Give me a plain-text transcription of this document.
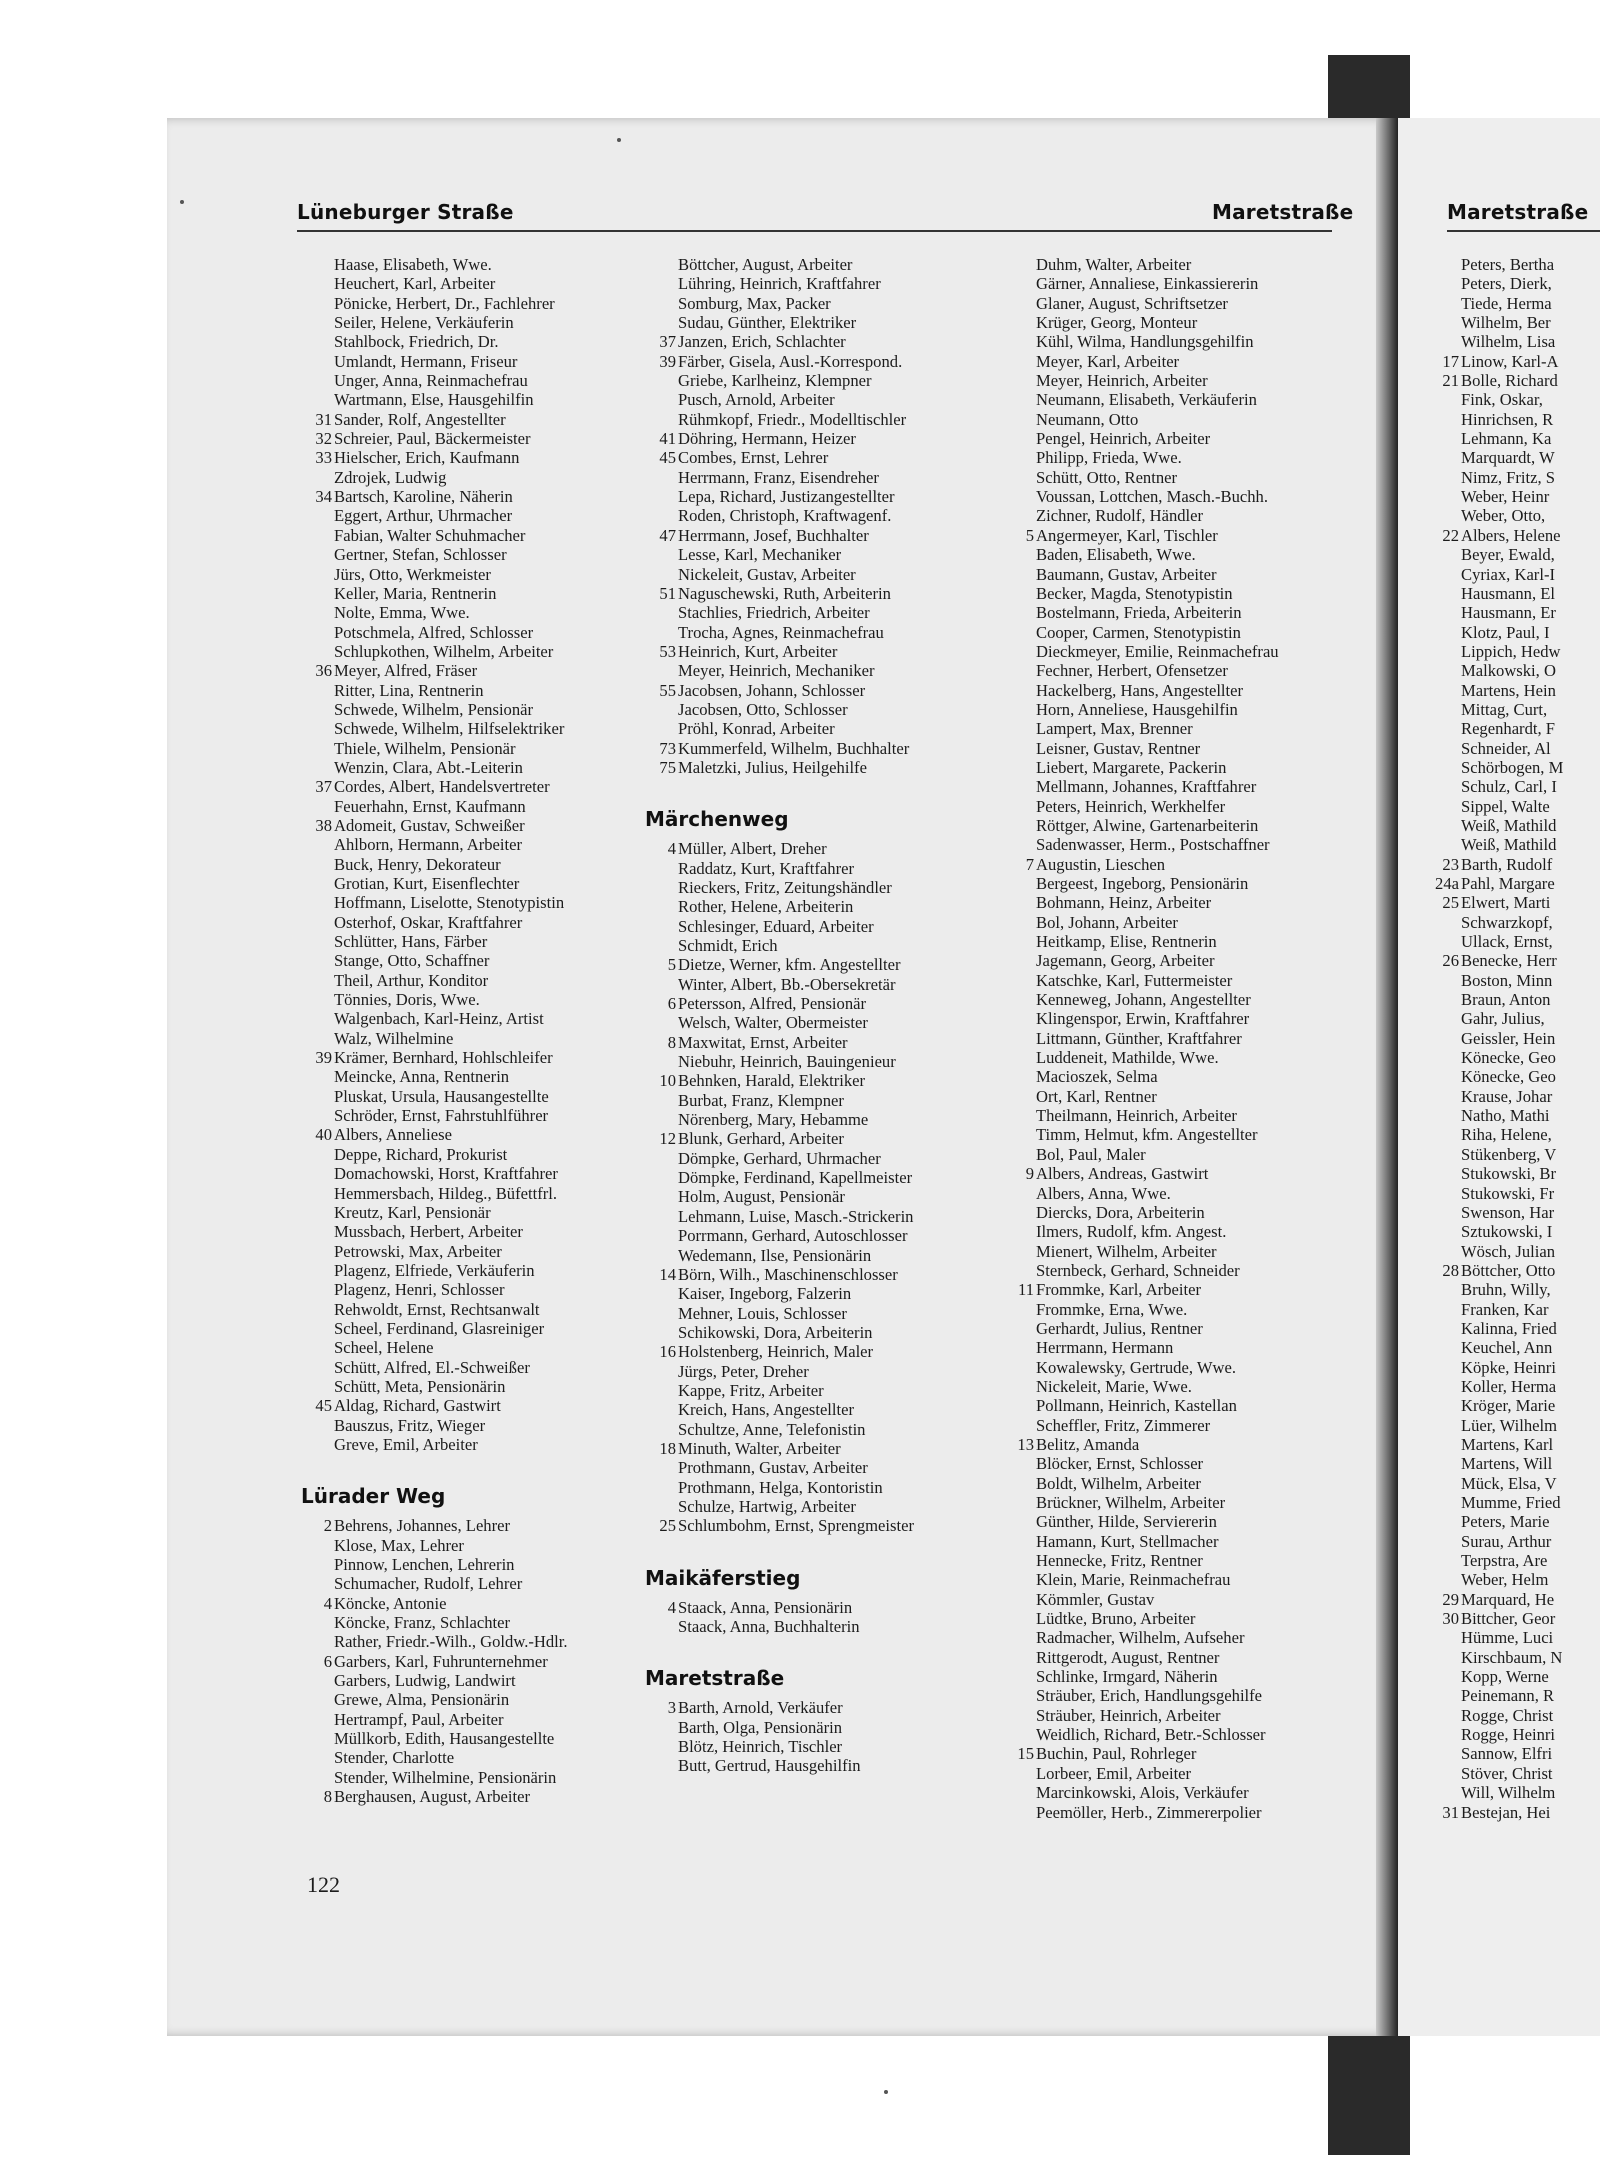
Lüneburger Straße	Maretstraße	Maretstraße
Haase, Elisabeth, Wwe.
Heuchert, Karl, Arbeiter
Pönicke, Herbert, Dr., Fachlehrer
Seiler, Helene, Verkäuferin
Stahlbock, Friedrich, Dr.
Umlandt, Hermann, Friseur
Unger, Anna, Reinmachefrau
Wartmann, Else, Hausgehilfin
31 Sander, Rolf, Angestellter
32 Schreier, Paul, Bäckermeister
33 Hielscher, Erich, Kaufmann
Zdrojek, Ludwig
34 Bartsch, Karoline, Näherin
Eggert, Arthur, Uhrmacher
Fabian, Walter Schuhmacher
Gertner, Stefan, Schlosser
Jürs, Otto, Werkmeister
Keller, Maria, Rentnerin
Nolte, Emma, Wwe.
Potschmela, Alfred, Schlosser
Schlupkothen, Wilhelm, Arbeiter
36 Meyer, Alfred, Fräser
Ritter, Lina, Rentnerin
Schwede, Wilhelm, Pensionär
Schwede, Wilhelm, Hilfselektriker
Thiele, Wilhelm, Pensionär
Wenzin, Clara, Abt.-Leiterin
37 Cordes, Albert, Handelsvertreter
Feuerhahn, Ernst, Kaufmann
38 Adomeit, Gustav, Schweißer
Ahlborn, Hermann, Arbeiter
Buck, Henry, Dekorateur
Grotian, Kurt, Eisenflechter
Hoffmann, Liselotte, Stenotypistin
Osterhof, Oskar, Kraftfahrer
Schlütter, Hans, Färber
Stange, Otto, Schaffner
Theil, Arthur, Konditor
Tönnies, Doris, Wwe.
Walgenbach, Karl-Heinz, Artist
Walz, Wilhelmine
39 Krämer, Bernhard, Hohlschleifer
Meincke, Anna, Rentnerin
Pluskat, Ursula, Hausangestellte
Schröder, Ernst, Fahrstuhlführer
40 Albers, Anneliese
Deppe, Richard, Prokurist
Domachowski, Horst, Kraftfahrer
Hemmersbach, Hildeg., Büfettfrl.
Kreutz, Karl, Pensionär
Mussbach, Herbert, Arbeiter
Petrowski, Max, Arbeiter
Plagenz, Elfriede, Verkäuferin
Plagenz, Henri, Schlosser
Rehwoldt, Ernst, Rechtsanwalt
Scheel, Ferdinand, Glasreiniger
Scheel, Helene
Schütt, Alfred, El.-Schweißer
Schütt, Meta, Pensionärin
45 Aldag, Richard, Gastwirt
Bauszus, Fritz, Wieger
Greve, Emil, Arbeiter
Lürader Weg
2 Behrens, Johannes, Lehrer
Klose, Max, Lehrer
Pinnow, Lenchen, Lehrerin
Schumacher, Rudolf, Lehrer
4 Köncke, Antonie
Köncke, Franz, Schlachter
Rather, Friedr.-Wilh., Goldw.-Hdlr.
6 Garbers, Karl, Fuhrunternehmer
Garbers, Ludwig, Landwirt
Grewe, Alma, Pensionärin
Hertrampf, Paul, Arbeiter
Müllkorb, Edith, Hausangestellte
Stender, Charlotte
Stender, Wilhelmine, Pensionärin
8 Berghausen, August, Arbeiter
Böttcher, August, Arbeiter
Lühring, Heinrich, Kraftfahrer
Somburg, Max, Packer
Sudau, Günther, Elektriker
37 Janzen, Erich, Schlachter
39 Färber, Gisela, Ausl.-Korrespond.
Griebe, Karlheinz, Klempner
Pusch, Arnold, Arbeiter
Rühmkopf, Friedr., Modelltischler
41 Döhring, Hermann, Heizer
45 Combes, Ernst, Lehrer
Herrmann, Franz, Eisendreher
Lepa, Richard, Justizangestellter
Roden, Christoph, Kraftwagenf.
47 Herrmann, Josef, Buchhalter
Lesse, Karl, Mechaniker
Nickeleit, Gustav, Arbeiter
51 Naguschewski, Ruth, Arbeiterin
Stachlies, Friedrich, Arbeiter
Trocha, Agnes, Reinmachefrau
53 Heinrich, Kurt, Arbeiter
Meyer, Heinrich, Mechaniker
55 Jacobsen, Johann, Schlosser
Jacobsen, Otto, Schlosser
Pröhl, Konrad, Arbeiter
73 Kummerfeld, Wilhelm, Buchhalter
75 Maletzki, Julius, Heilgehilfe
Märchenweg
4 Müller, Albert, Dreher
Raddatz, Kurt, Kraftfahrer
Rieckers, Fritz, Zeitungshändler
Rother, Helene, Arbeiterin
Schlesinger, Eduard, Arbeiter
Schmidt, Erich
5 Dietze, Werner, kfm. Angestellter
Winter, Albert, Bb.-Obersekretär
6 Petersson, Alfred, Pensionär
Welsch, Walter, Obermeister
8 Maxwitat, Ernst, Arbeiter
Niebuhr, Heinrich, Bauingenieur
10 Behnken, Harald, Elektriker
Burbat, Franz, Klempner
Nörenberg, Mary, Hebamme
12 Blunk, Gerhard, Arbeiter
Dömpke, Gerhard, Uhrmacher
Dömpke, Ferdinand, Kapellmeister
Holm, August, Pensionär
Lehmann, Luise, Masch.-Strickerin
Porrmann, Gerhard, Autoschlosser
Wedemann, Ilse, Pensionärin
14 Börn, Wilh., Maschinenschlosser
Kaiser, Ingeborg, Falzerin
Mehner, Louis, Schlosser
Schikowski, Dora, Arbeiterin
16 Holstenberg, Heinrich, Maler
Jürgs, Peter, Dreher
Kappe, Fritz, Arbeiter
Kreich, Hans, Angestellter
Schultze, Anne, Telefonistin
18 Minuth, Walter, Arbeiter
Prothmann, Gustav, Arbeiter
Prothmann, Helga, Kontoristin
Schulze, Hartwig, Arbeiter
25 Schlumbohm, Ernst, Sprengmeister
Maikäferstieg
4 Staack, Anna, Pensionärin
Staack, Anna, Buchhalterin
Maretstraße
3 Barth, Arnold, Verkäufer
Barth, Olga, Pensionärin
Blötz, Heinrich, Tischler
Butt, Gertrud, Hausgehilfin
Duhm, Walter, Arbeiter
Gärner, Annaliese, Einkassiererin
Glaner, August, Schriftsetzer
Krüger, Georg, Monteur
Kühl, Wilma, Handlungsgehilfin
Meyer, Karl, Arbeiter
Meyer, Heinrich, Arbeiter
Neumann, Elisabeth, Verkäuferin
Neumann, Otto
Pengel, Heinrich, Arbeiter
Philipp, Frieda, Wwe.
Schütt, Otto, Rentner
Voussan, Lottchen, Masch.-Buchh.
Zichner, Rudolf, Händler
5 Angermeyer, Karl, Tischler
Baden, Elisabeth, Wwe.
Baumann, Gustav, Arbeiter
Becker, Magda, Stenotypistin
Bostelmann, Frieda, Arbeiterin
Cooper, Carmen, Stenotypistin
Dieckmeyer, Emilie, Reinmachefrau
Fechner, Herbert, Ofensetzer
Hackelberg, Hans, Angestellter
Horn, Anneliese, Hausgehilfin
Lampert, Max, Brenner
Leisner, Gustav, Rentner
Liebert, Margarete, Packerin
Mellmann, Johannes, Kraftfahrer
Peters, Heinrich, Werkhelfer
Röttger, Alwine, Gartenarbeiterin
Sadenwasser, Herm., Postschaffner
7 Augustin, Lieschen
Bergeest, Ingeborg, Pensionärin
Bohmann, Heinz, Arbeiter
Bol, Johann, Arbeiter
Heitkamp, Elise, Rentnerin
Jagemann, Georg, Arbeiter
Katschke, Karl, Futtermeister
Kenneweg, Johann, Angestellter
Klingenspor, Erwin, Kraftfahrer
Littmann, Günther, Kraftfahrer
Luddeneit, Mathilde, Wwe.
Macioszek, Selma
Ort, Karl, Rentner
Theilmann, Heinrich, Arbeiter
Timm, Helmut, kfm. Angestellter
Bol, Paul, Maler
9 Albers, Andreas, Gastwirt
Albers, Anna, Wwe.
Diercks, Dora, Arbeiterin
Ilmers, Rudolf, kfm. Angest.
Mienert, Wilhelm, Arbeiter
Sternbeck, Gerhard, Schneider
11 Frommke, Karl, Arbeiter
Frommke, Erna, Wwe.
Gerhardt, Julius, Rentner
Herrmann, Hermann
Kowalewsky, Gertrude, Wwe.
Nickeleit, Marie, Wwe.
Pollmann, Heinrich, Kastellan
Scheffler, Fritz, Zimmerer
13 Belitz, Amanda
Blöcker, Ernst, Schlosser
Boldt, Wilhelm, Arbeiter
Brückner, Wilhelm, Arbeiter
Günther, Hilde, Serviererin
Hamann, Kurt, Stellmacher
Hennecke, Fritz, Rentner
Klein, Marie, Reinmachefrau
Kömmler, Gustav
Lüdtke, Bruno, Arbeiter
Radmacher, Wilhelm, Aufseher
Rittgerodt, August, Rentner
Schlinke, Irmgard, Näherin
Sträuber, Erich, Handlungsgehilfe
Sträuber, Heinrich, Arbeiter
Weidlich, Richard, Betr.-Schlosser
15 Buchin, Paul, Rohrleger
Lorbeer, Emil, Arbeiter
Marcinkowski, Alois, Verkäufer
Peemöller, Herb., Zimmererpolier
Peters, Bertha
Peters, Dierk,
Tiede, Herma
Wilhelm, Ber
Wilhelm, Lisa
17 Linow, Karl-A
21 Bolle, Richard
Fink, Oskar,
Hinrichsen, R
Lehmann, Ka
Marquardt, W
Nimz, Fritz, S
Weber, Heinr
Weber, Otto,
22 Albers, Helene
Beyer, Ewald,
Cyriax, Karl-I
Hausmann, El
Hausmann, Er
Klotz, Paul, I
Lippich, Hedw
Malkowski, O
Martens, Hein
Mittag, Curt,
Regenhardt, F
Schneider, Al
Schörbogen, M
Schulz, Carl, I
Sippel, Walte
Weiß, Mathild
Weiß, Mathild
23 Barth, Rudolf
24a Pahl, Margare
25 Elwert, Marti
Schwarzkopf,
Ullack, Ernst,
26 Benecke, Herr
Boston, Minn
Braun, Anton
Gahr, Julius,
Geissler, Hein
Könecke, Geo
Könecke, Geo
Krause, Johar
Natho, Mathi
Riha, Helene,
Stükenberg, V
Stukowski, Br
Stukowski, Fr
Swenson, Har
Sztukowski, I
Wösch, Julian
28 Böttcher, Otto
Bruhn, Willy,
Franken, Kar
Kalinna, Fried
Keuchel, Ann
Köpke, Heinri
Koller, Herma
Kröger, Marie
Lüer, Wilhelm
Martens, Karl
Martens, Will
Mück, Elsa, V
Mumme, Fried
Peters, Marie
Surau, Arthur
Terpstra, Are
Weber, Helm
29 Marquard, He
30 Bittcher, Geor
Hümme, Luci
Kirschbaum, N
Kopp, Werne
Peinemann, R
Rogge, Christ
Rogge, Heinri
Sannow, Elfri
Stöver, Christ
Will, Wilhelm
31 Bestejan, Hei
122
